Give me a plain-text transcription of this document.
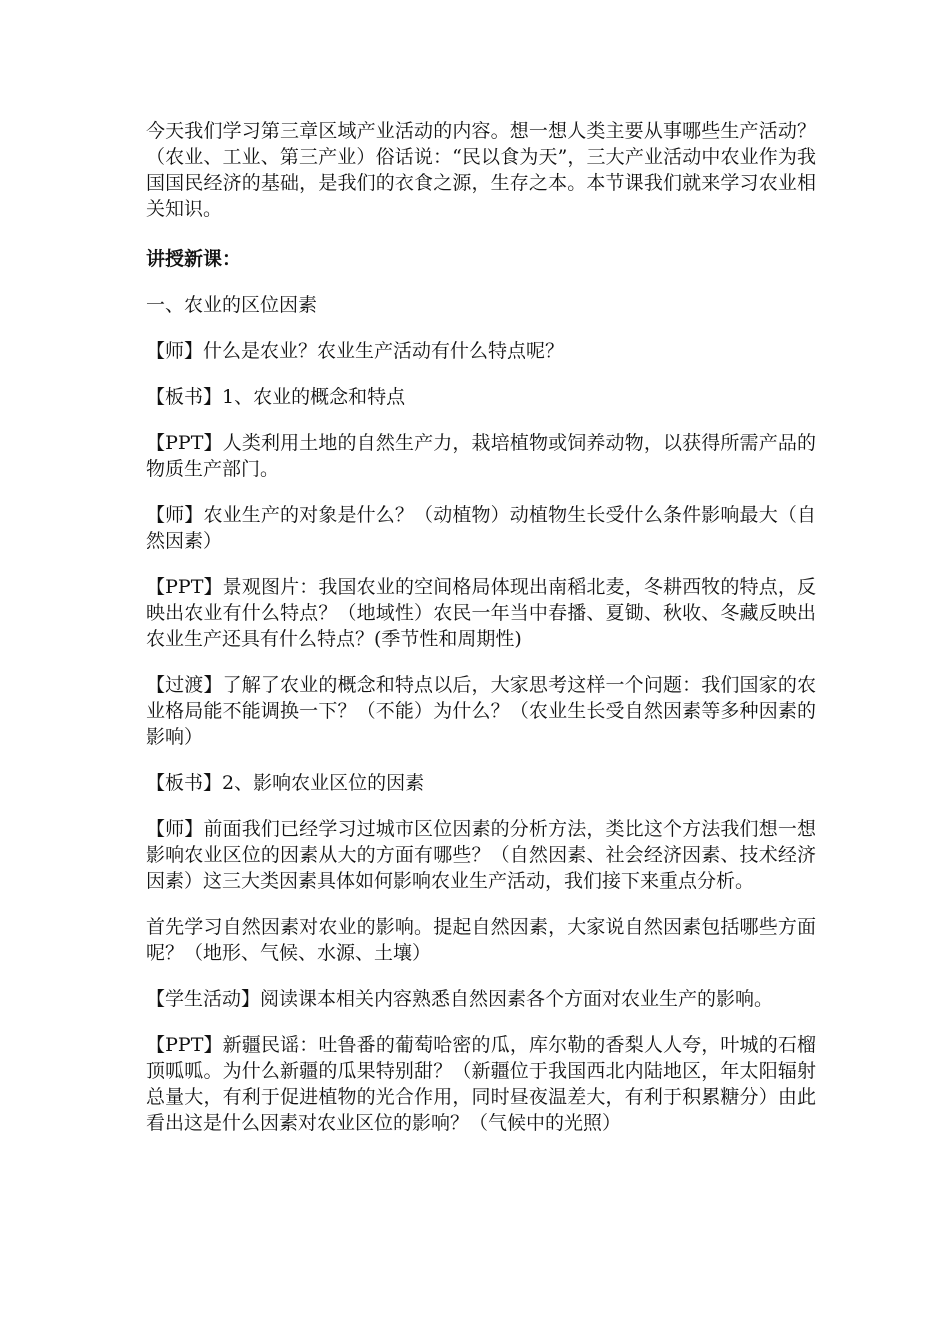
今天我们学习第三章区域产业活动的内容。想一想人类主要从事哪些生产活动？（农业、工业、第三产业）俗话说：“民以食为天”，三大产业活动中农业作为我国国民经济的基础，是我们的衣食之源，生存之本。本节课我们就来学习农业相关知识。

讲授新课：

一、农业的区位因素

【师】什么是农业？农业生产活动有什么特点呢？

【板书】1、农业的概念和特点

【PPT】人类利用土地的自然生产力，栽培植物或饲养动物，以获得所需产品的物质生产部门。

【师】农业生产的对象是什么？（动植物）动植物生长受什么条件影响最大（自然因素）

【PPT】景观图片：我国农业的空间格局体现出南稻北麦，冬耕西牧的特点，反映出农业有什么特点？（地域性）农民一年当中春播、夏锄、秋收、冬藏反映出农业生产还具有什么特点？(季节性和周期性)

【过渡】了解了农业的概念和特点以后，大家思考这样一个问题：我们国家的农业格局能不能调换一下？（不能）为什么？（农业生长受自然因素等多种因素的影响）

【板书】2、影响农业区位的因素

【师】前面我们已经学习过城市区位因素的分析方法，类比这个方法我们想一想影响农业区位的因素从大的方面有哪些？（自然因素、社会经济因素、技术经济因素）这三大类因素具体如何影响农业生产活动，我们接下来重点分析。

首先学习自然因素对农业的影响。提起自然因素，大家说自然因素包括哪些方面呢？（地形、气候、水源、土壤）

【学生活动】阅读课本相关内容熟悉自然因素各个方面对农业生产的影响。

【PPT】新疆民谣：吐鲁番的葡萄哈密的瓜，库尔勒的香梨人人夸，叶城的石榴顶呱呱。为什么新疆的瓜果特别甜？（新疆位于我国西北内陆地区，年太阳辐射总量大，有利于促进植物的光合作用，同时昼夜温差大，有利于积累糖分）由此看出这是什么因素对农业区位的影响？（气候中的光照）
